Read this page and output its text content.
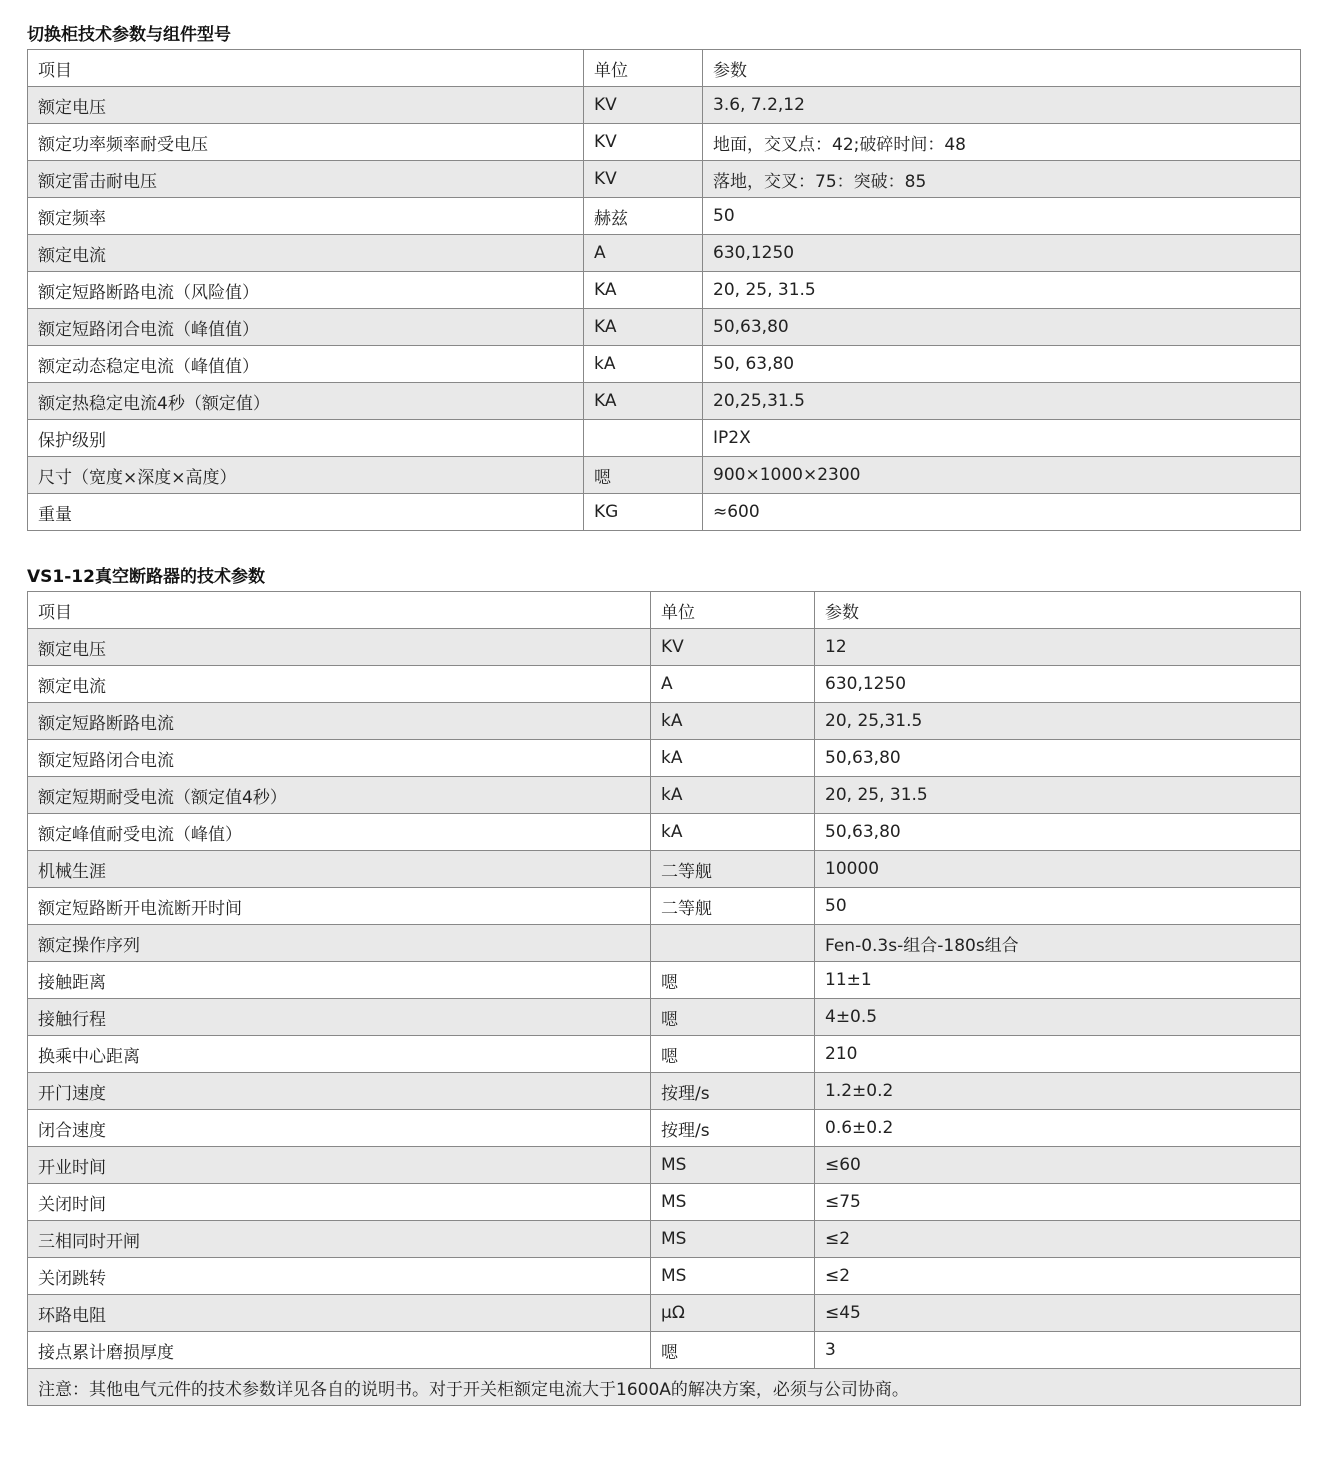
切换柜技术参数与组件型号
项目	单位	参数
额定电压	KV	3.6, 7.2,12
额定功率频率耐受电压	KV	地面，交叉点：42;破碎时间：48
额定雷击耐电压	KV	落地，交叉：75：突破：85
额定频率	赫兹	50
额定电流	A	630,1250
额定短路断路电流（风险值）	KA	20, 25, 31.5
额定短路闭合电流（峰值值）	KA	50,63,80
额定动态稳定电流（峰值值）	kA	50, 63,80
额定热稳定电流4秒（额定值）	KA	20,25,31.5
保护级别		IP2X
尺寸（宽度×深度×高度）	嗯	900×1000×2300
重量	KG	≈600
VS1-12真空断路器的技术参数
项目	单位	参数
额定电压	KV	12
额定电流	A	630,1250
额定短路断路电流	kA	20, 25,31.5
额定短路闭合电流	kA	50,63,80
额定短期耐受电流（额定值4秒）	kA	20, 25, 31.5
额定峰值耐受电流（峰值）	kA	50,63,80
机械生涯	二等舰	10000
额定短路断开电流断开时间	二等舰	50
额定操作序列		Fen-0.3s-组合-180s组合
接触距离	嗯	11±1
接触行程	嗯	4±0.5
换乘中心距离	嗯	210
开门速度	按理/s	1.2±0.2
闭合速度	按理/s	0.6±0.2
开业时间	MS	≤60
关闭时间	MS	≤75
三相同时开闸	MS	≤2
关闭跳转	MS	≤2
环路电阻	μΩ	≤45
接点累计磨损厚度	嗯	3
注意：其他电气元件的技术参数详见各自的说明书。对于开关柜额定电流大于1600A的解决方案，必须与公司协商。		
